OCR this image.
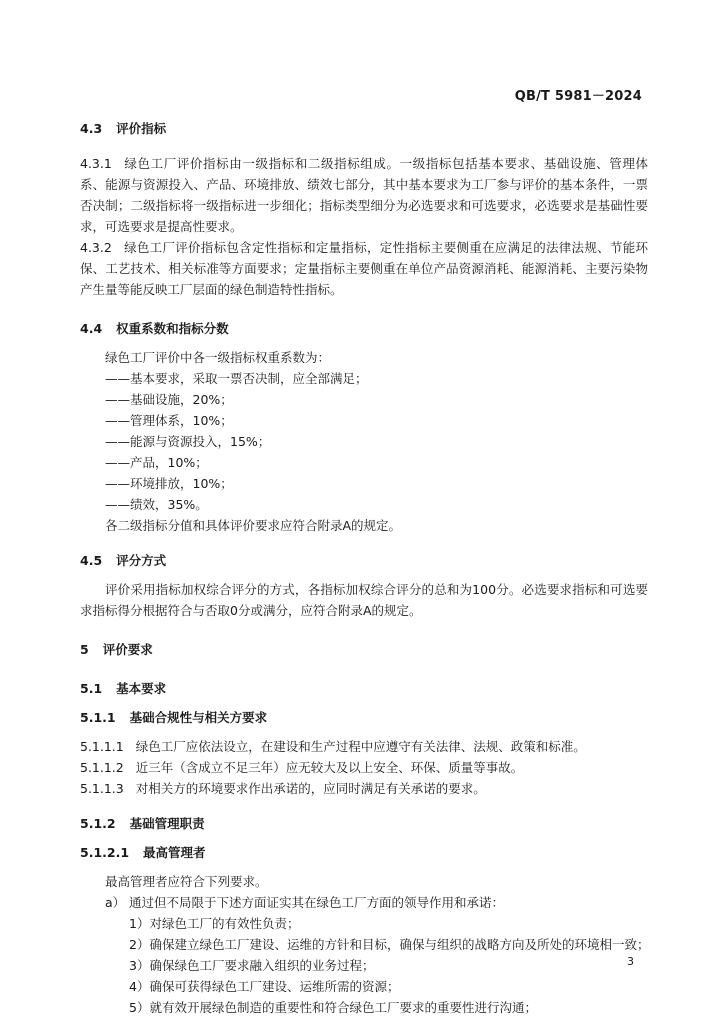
QB/T 5981－2024

4.3 评价指标

4.3.1 绿色工厂评价指标由一级指标和二级指标组成。一级指标包括基本要求、基础设施、管理体系、能源与资源投入、产品、环境排放、绩效七部分，其中基本要求为工厂参与评价的基本条件，一票否决制；二级指标将一级指标进一步细化；指标类型细分为必选要求和可选要求，必选要求是基础性要求，可选要求是提高性要求。

4.3.2 绿色工厂评价指标包含定性指标和定量指标，定性指标主要侧重在应满足的法律法规、节能环保、工艺技术、相关标准等方面要求；定量指标主要侧重在单位产品资源消耗、能源消耗、主要污染物产生量等能反映工厂层面的绿色制造特性指标。

4.4 权重系数和指标分数

绿色工厂评价中各一级指标权重系数为：

——基本要求，采取一票否决制，应全部满足；

——基础设施，20%；

——管理体系，10%；

——能源与资源投入，15%；

——产品，10%；

——环境排放，10%；

——绩效，35%。

各二级指标分值和具体评价要求应符合附录A的规定。

4.5 评分方式

评价采用指标加权综合评分的方式，各指标加权综合评分的总和为100分。必选要求指标和可选要求指标得分根据符合与否取0分或满分，应符合附录A的规定。

5 评价要求

5.1 基本要求

5.1.1 基础合规性与相关方要求

5.1.1.1 绿色工厂应依法设立，在建设和生产过程中应遵守有关法律、法规、政策和标准。

5.1.1.2 近三年（含成立不足三年）应无较大及以上安全、环保、质量等事故。

5.1.1.3 对相关方的环境要求作出承诺的，应同时满足有关承诺的要求。

5.1.2 基础管理职责

5.1.2.1 最高管理者

最高管理者应符合下列要求。

a） 通过但不局限于下述方面证实其在绿色工厂方面的领导作用和承诺：

1）对绿色工厂的有效性负责；

2）确保建立绿色工厂建设、运维的方针和目标，确保与组织的战略方向及所处的环境相一致；

3）确保绿色工厂要求融入组织的业务过程；

4）确保可获得绿色工厂建设、运维所需的资源；

5）就有效开展绿色制造的重要性和符合绿色工厂要求的重要性进行沟通；

3
